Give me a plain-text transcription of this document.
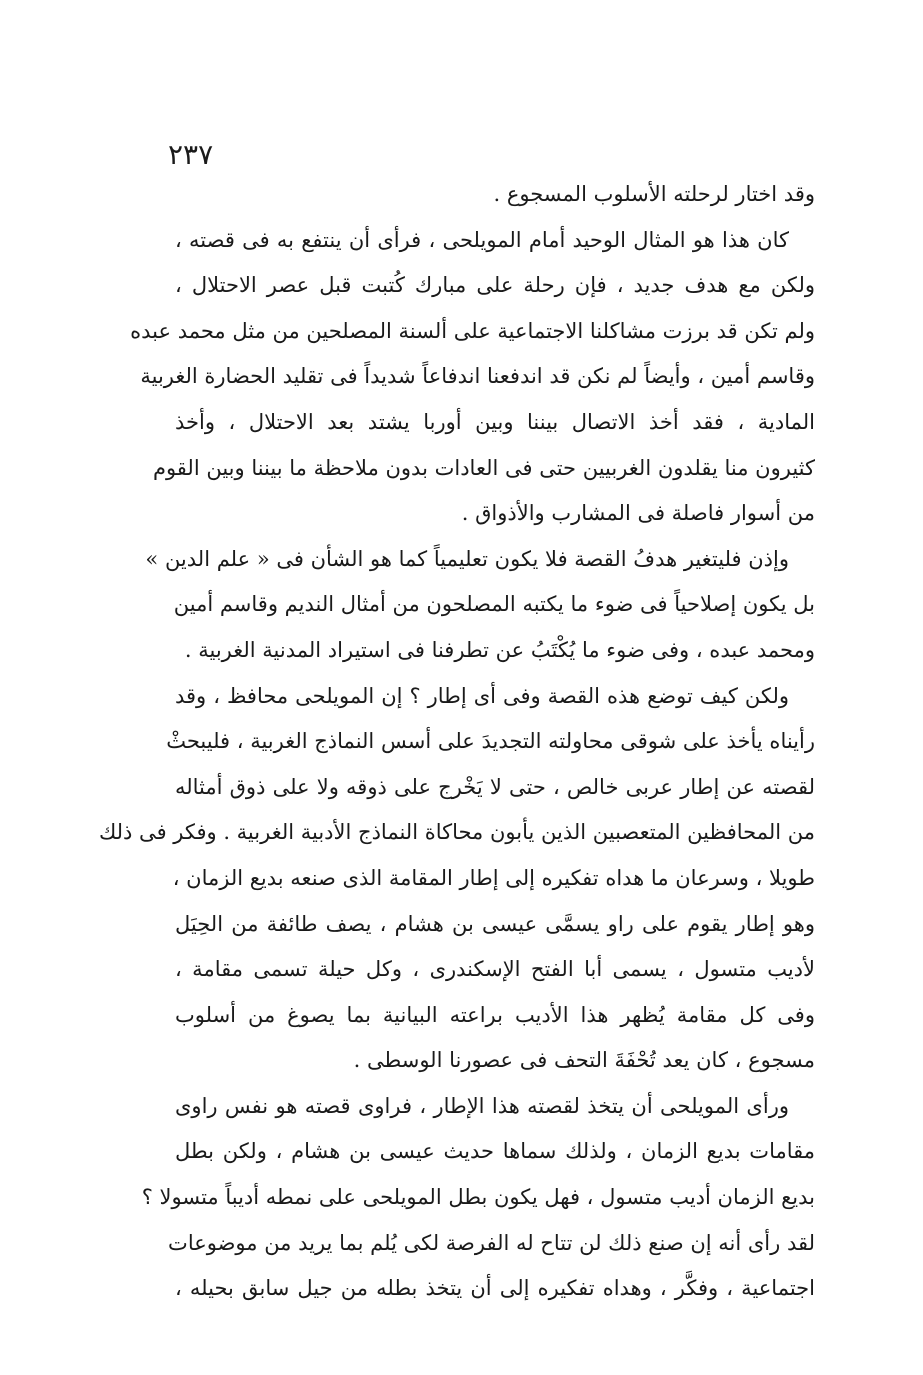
٢٣٧
وقد اختار لرحلته الأسلوب المسجوع .
كان هذا هو المثال الوحيد أمام المويلحى ، فرأى أن ينتفع به فى قصته ،
ولكن مع هدف جديد ، فإن رحلة على مبارك كُتبت قبل عصر الاحتلال ،
ولم تكن قد برزت مشاكلنا الاجتماعية على ألسنة المصلحين من مثل محمد عبده
وقاسم أمين ، وأيضاً لم نكن قد اندفعنا اندفاعاً شديداً فى تقليد الحضارة الغربية
المادية ، فقد أخذ الاتصال بيننا وبين أوربا يشتد بعد الاحتلال ، وأخذ
كثيرون منا يقلدون الغربيين حتى فى العادات بدون ملاحظة ما بيننا وبين القوم
من أسوار فاصلة فى المشارب والأذواق .
وإذن فليتغير هدفُ القصة فلا يكون تعليمياً كما هو الشأن فى « علم الدين »
بل يكون إصلاحياً فى ضوء ما يكتبه المصلحون من أمثال النديم وقاسم أمين
ومحمد عبده ، وفى ضوء ما يُكْتَبُ عن تطرفنا فى استيراد المدنية الغربية .
ولكن كيف توضع هذه القصة وفى أى إطار ؟ إن المويلحى محافظ ، وقد
رأيناه يأخذ على شوقى محاولته التجديدَ على أسس النماذج الغربية ، فليبحثْ
لقصته عن إطار عربى خالص ، حتى لا يَخْرج على ذوقه ولا على ذوق أمثاله
من المحافظين المتعصبين الذين يأبون محاكاة النماذج الأدبية الغربية . وفكر فى ذلك
طويلا ، وسرعان ما هداه تفكيره إلى إطار المقامة الذى صنعه بديع الزمان ،
وهو إطار يقوم على راو يسمَّى عيسى بن هشام ، يصف طائفة من الحِيَل
لأديب متسول ، يسمى أبا الفتح الإسكندرى ، وكل حيلة تسمى مقامة ،
وفى كل مقامة يُظهر هذا الأديب براعته البيانية بما يصوغ من أسلوب
مسجوع ، كان يعد تُحْفَةَ التحف فى عصورنا الوسطى .
ورأى المويلحى أن يتخذ لقصته هذا الإطار ، فراوى قصته هو نفس راوى
مقامات بديع الزمان ، ولذلك سماها حديث عيسى بن هشام ، ولكن بطل
بديع الزمان أديب متسول ، فهل يكون بطل المويلحى على نمطه أديباً متسولا ؟
لقد رأى أنه إن صنع ذلك لن تتاح له الفرصة لكى يُلم بما يريد من موضوعات
اجتماعية ، وفكَّر ، وهداه تفكيره إلى أن يتخذ بطله من جيل سابق بحيله ،
